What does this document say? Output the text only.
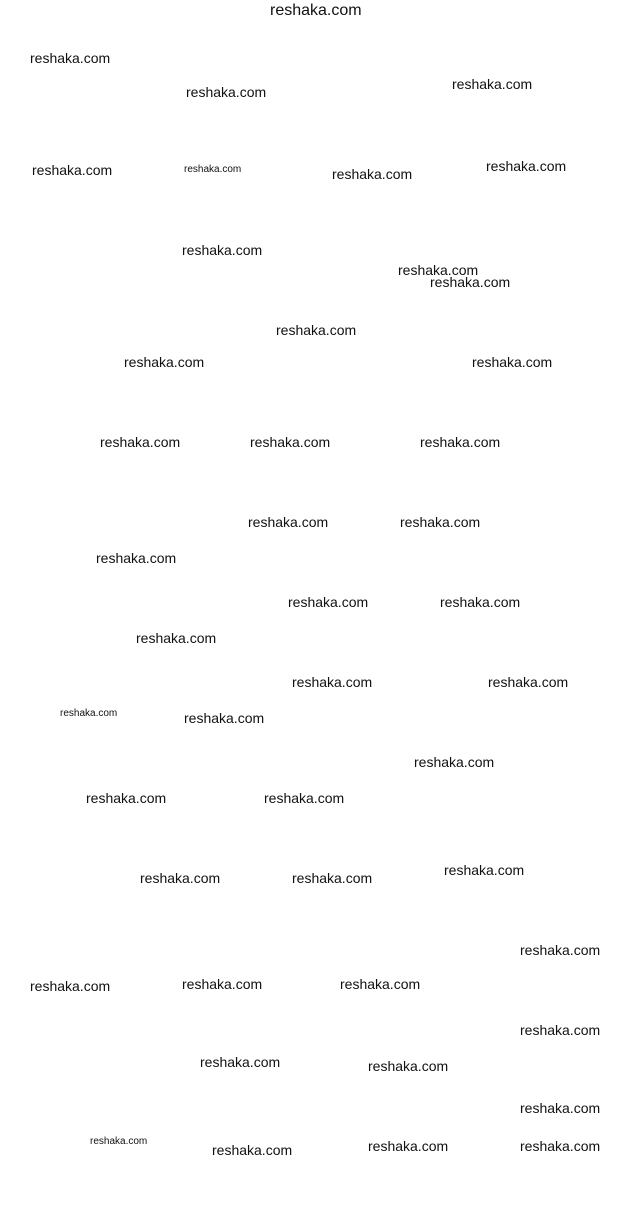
reshaka.com
reshaka.com
reshaka.com	reshaka.com
reshaka.com	reshaka.com	reshaka.com	reshaka.com
reshaka.com
reshaka.com
reshaka.com
reshaka.com
reshaka.com	reshaka.com
reshaka.com	reshaka.com	reshaka.com
reshaka.com	reshaka.com
reshaka.com
reshaka.com	reshaka.com
reshaka.com
reshaka.com	reshaka.com
reshaka.com	reshaka.com
reshaka.com
reshaka.com	reshaka.com
reshaka.com	reshaka.com	reshaka.com
reshaka.com
reshaka.com	reshaka.com	reshaka.com
reshaka.com
reshaka.com	reshaka.com
reshaka.com
reshaka.com
reshaka.com	reshaka.com	reshaka.com
